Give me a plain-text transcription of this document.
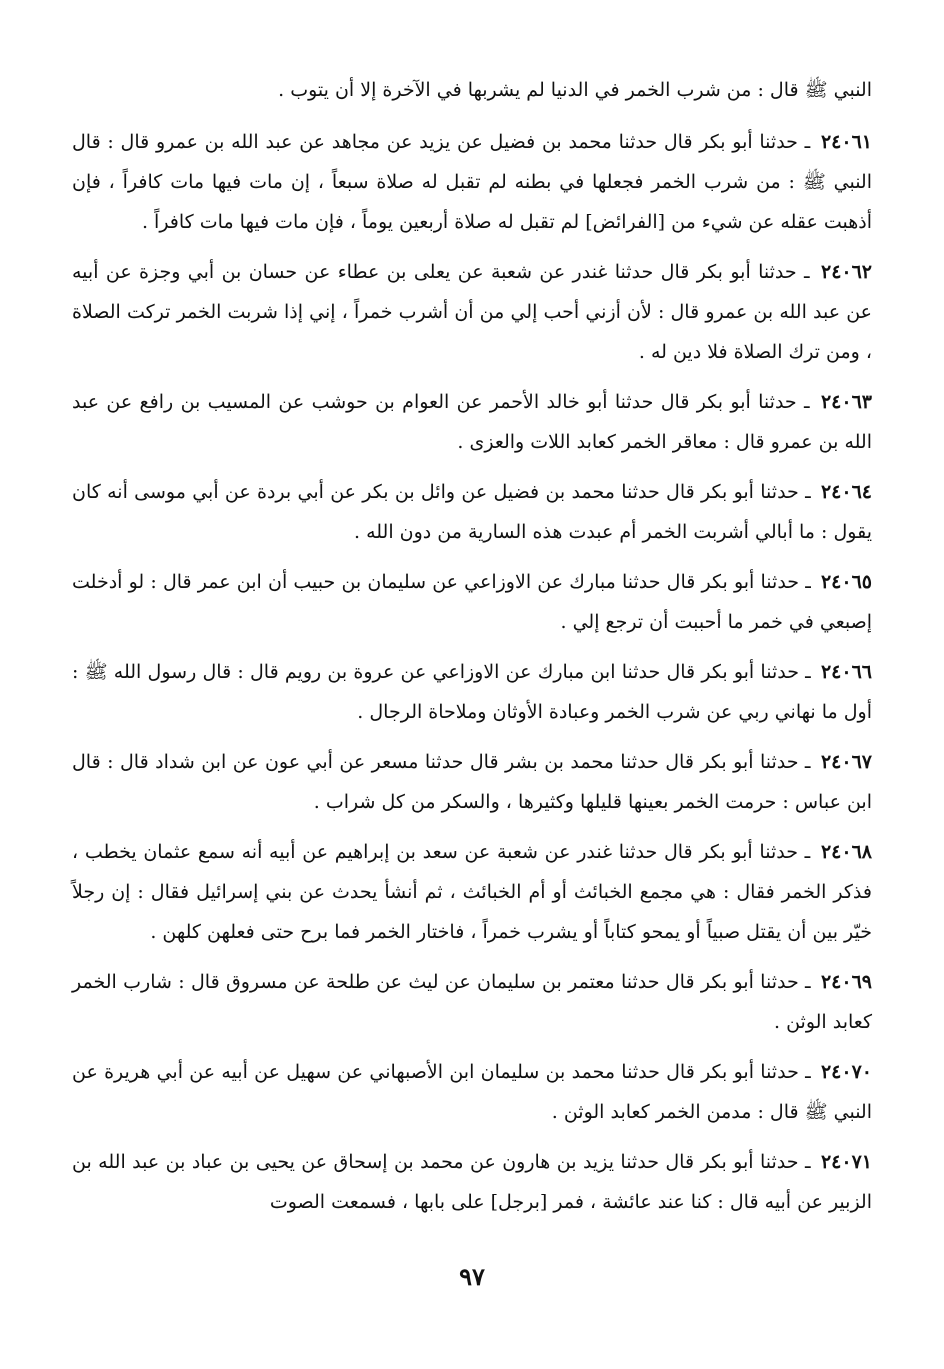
النبي ﷺ قال : من شرب الخمر في الدنيا لم يشربها في الآخرة إلا أن يتوب .

٢٤٠٦١ ـ حدثنا أبو بكر قال حدثنا محمد بن فضيل عن يزيد عن مجاهد عن عبد الله بن عمرو قال : قال النبي ﷺ : من شرب الخمر فجعلها في بطنه لم تقبل له صلاة سبعاً ، إن مات فيها مات كافراً ، فإن أذهبت عقله عن شيء من [الفرائض] لم تقبل له صلاة أربعين يوماً ، فإن مات فيها مات كافراً .

٢٤٠٦٢ ـ حدثنا أبو بكر قال حدثنا غندر عن شعبة عن يعلى بن عطاء عن حسان بن أبي وجزة عن أبيه عن عبد الله بن عمرو قال : لأن أزني أحب إلي من أن أشرب خمراً ، إني إذا شربت الخمر تركت الصلاة ، ومن ترك الصلاة فلا دين له .

٢٤٠٦٣ ـ حدثنا أبو بكر قال حدثنا أبو خالد الأحمر عن العوام بن حوشب عن المسيب بن رافع عن عبد الله بن عمرو قال : معاقر الخمر كعابد اللات والعزى .

٢٤٠٦٤ ـ حدثنا أبو بكر قال حدثنا محمد بن فضيل عن وائل بن بكر عن أبي بردة عن أبي موسى أنه كان يقول : ما أبالي أشربت الخمر أم عبدت هذه السارية من دون الله .

٢٤٠٦٥ ـ حدثنا أبو بكر قال حدثنا مبارك عن الاوزاعي عن سليمان بن حبيب أن ابن عمر قال : لو أدخلت إصبعي في خمر ما أحببت أن ترجع إلي .

٢٤٠٦٦ ـ حدثنا أبو بكر قال حدثنا ابن مبارك عن الاوزاعي عن عروة بن رويم قال : قال رسول الله ﷺ : أول ما نهاني ربي عن شرب الخمر وعبادة الأوثان وملاحاة الرجال .

٢٤٠٦٧ ـ حدثنا أبو بكر قال حدثنا محمد بن بشر قال حدثنا مسعر عن أبي عون عن ابن شداد قال : قال ابن عباس : حرمت الخمر بعينها قليلها وكثيرها ، والسكر من كل شراب .

٢٤٠٦٨ ـ حدثنا أبو بكر قال حدثنا غندر عن شعبة عن سعد بن إبراهيم عن أبيه أنه سمع عثمان يخطب ، فذكر الخمر فقال : هي مجمع الخبائث أو أم الخبائث ، ثم أنشأ يحدث عن بني إسرائيل فقال : إن رجلاً خيّر بين أن يقتل صبياً أو يمحو كتاباً أو يشرب خمراً ، فاختار الخمر فما برح حتى فعلهن كلهن .

٢٤٠٦٩ ـ حدثنا أبو بكر قال حدثنا معتمر بن سليمان عن ليث عن طلحة عن مسروق قال : شارب الخمر كعابد الوثن .

٢٤٠٧٠ ـ حدثنا أبو بكر قال حدثنا محمد بن سليمان ابن الأصبهاني عن سهيل عن أبيه عن أبي هريرة عن النبي ﷺ قال : مدمن الخمر كعابد الوثن .

٢٤٠٧١ ـ حدثنا أبو بكر قال حدثنا يزيد بن هارون عن محمد بن إسحاق عن يحيى بن عباد بن عبد الله بن الزبير عن أبيه قال : كنا عند عائشة ، فمر [برجل] على بابها ، فسمعت الصوت

٩٧
